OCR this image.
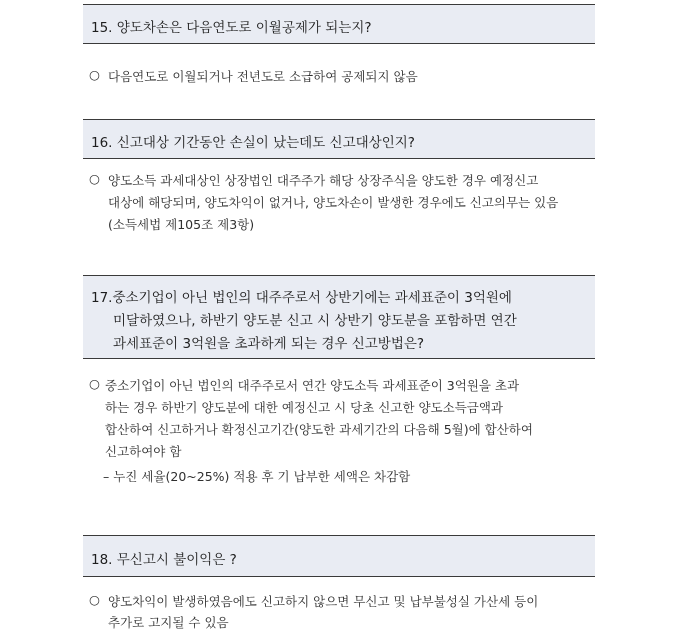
15. 양도차손은 다음연도로 이월공제가 되는지?
○ 다음연도로 이월되거나 전년도로 소급하여 공제되지 않음
16. 신고대상 기간동안 손실이 났는데도 신고대상인지?
○ 양도소득 과세대상인 상장법인 대주주가 해당 상장주식을 양도한 경우 예정신고
대상에 해당되며, 양도차익이 없거나, 양도차손이 발생한 경우에도 신고의무는 있음
(소득세법 제105조 제3항)
17.중소기업이 아닌 법인의 대주주로서 상반기에는 과세표준이 3억원에
미달하였으나, 하반기 양도분 신고 시 상반기 양도분을 포함하면 연간
과세표준이 3억원을 초과하게 되는 경우 신고방법은?
○ 중소기업이 아닌 법인의 대주주로서 연간 양도소득 과세표준이 3억원을 초과
하는 경우 하반기 양도분에 대한 예정신고 시 당초 신고한 양도소득금액과
합산하여 신고하거나 확정신고기간(양도한 과세기간의 다음해 5월)에 합산하여
신고하여야 함
– 누진 세율(20~25%) 적용 후 기 납부한 세액은 차감함
18. 무신고시 불이익은 ?
○ 양도차익이 발생하였음에도 신고하지 않으면 무신고 및 납부불성실 가산세 등이
추가로 고지될 수 있음
